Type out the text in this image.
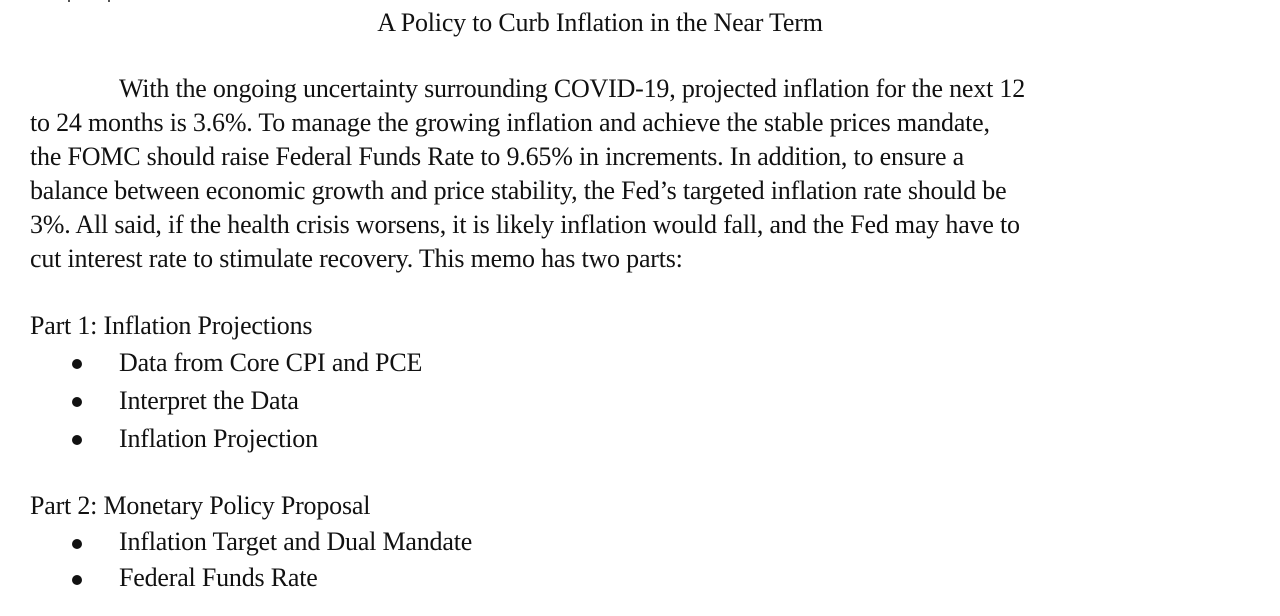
A Policy to Curb Inflation in the Near Term

With the ongoing uncertainty surrounding COVID-19, projected inflation for the next 12
to 24 months is 3.6%. To manage the growing inflation and achieve the stable prices mandate,
the FOMC should raise Federal Funds Rate to 9.65% in increments. In addition, to ensure a
balance between economic growth and price stability, the Fed’s targeted inflation rate should be
3%. All said, if the health crisis worsens, it is likely inflation would fall, and the Fed may have to
cut interest rate to stimulate recovery. This memo has two parts:

Part 1: Inflation Projections
Data from Core CPI and PCE
Interpret the Data
Inflation Projection
Part 2: Monetary Policy Proposal
Inflation Target and Dual Mandate
Federal Funds Rate
